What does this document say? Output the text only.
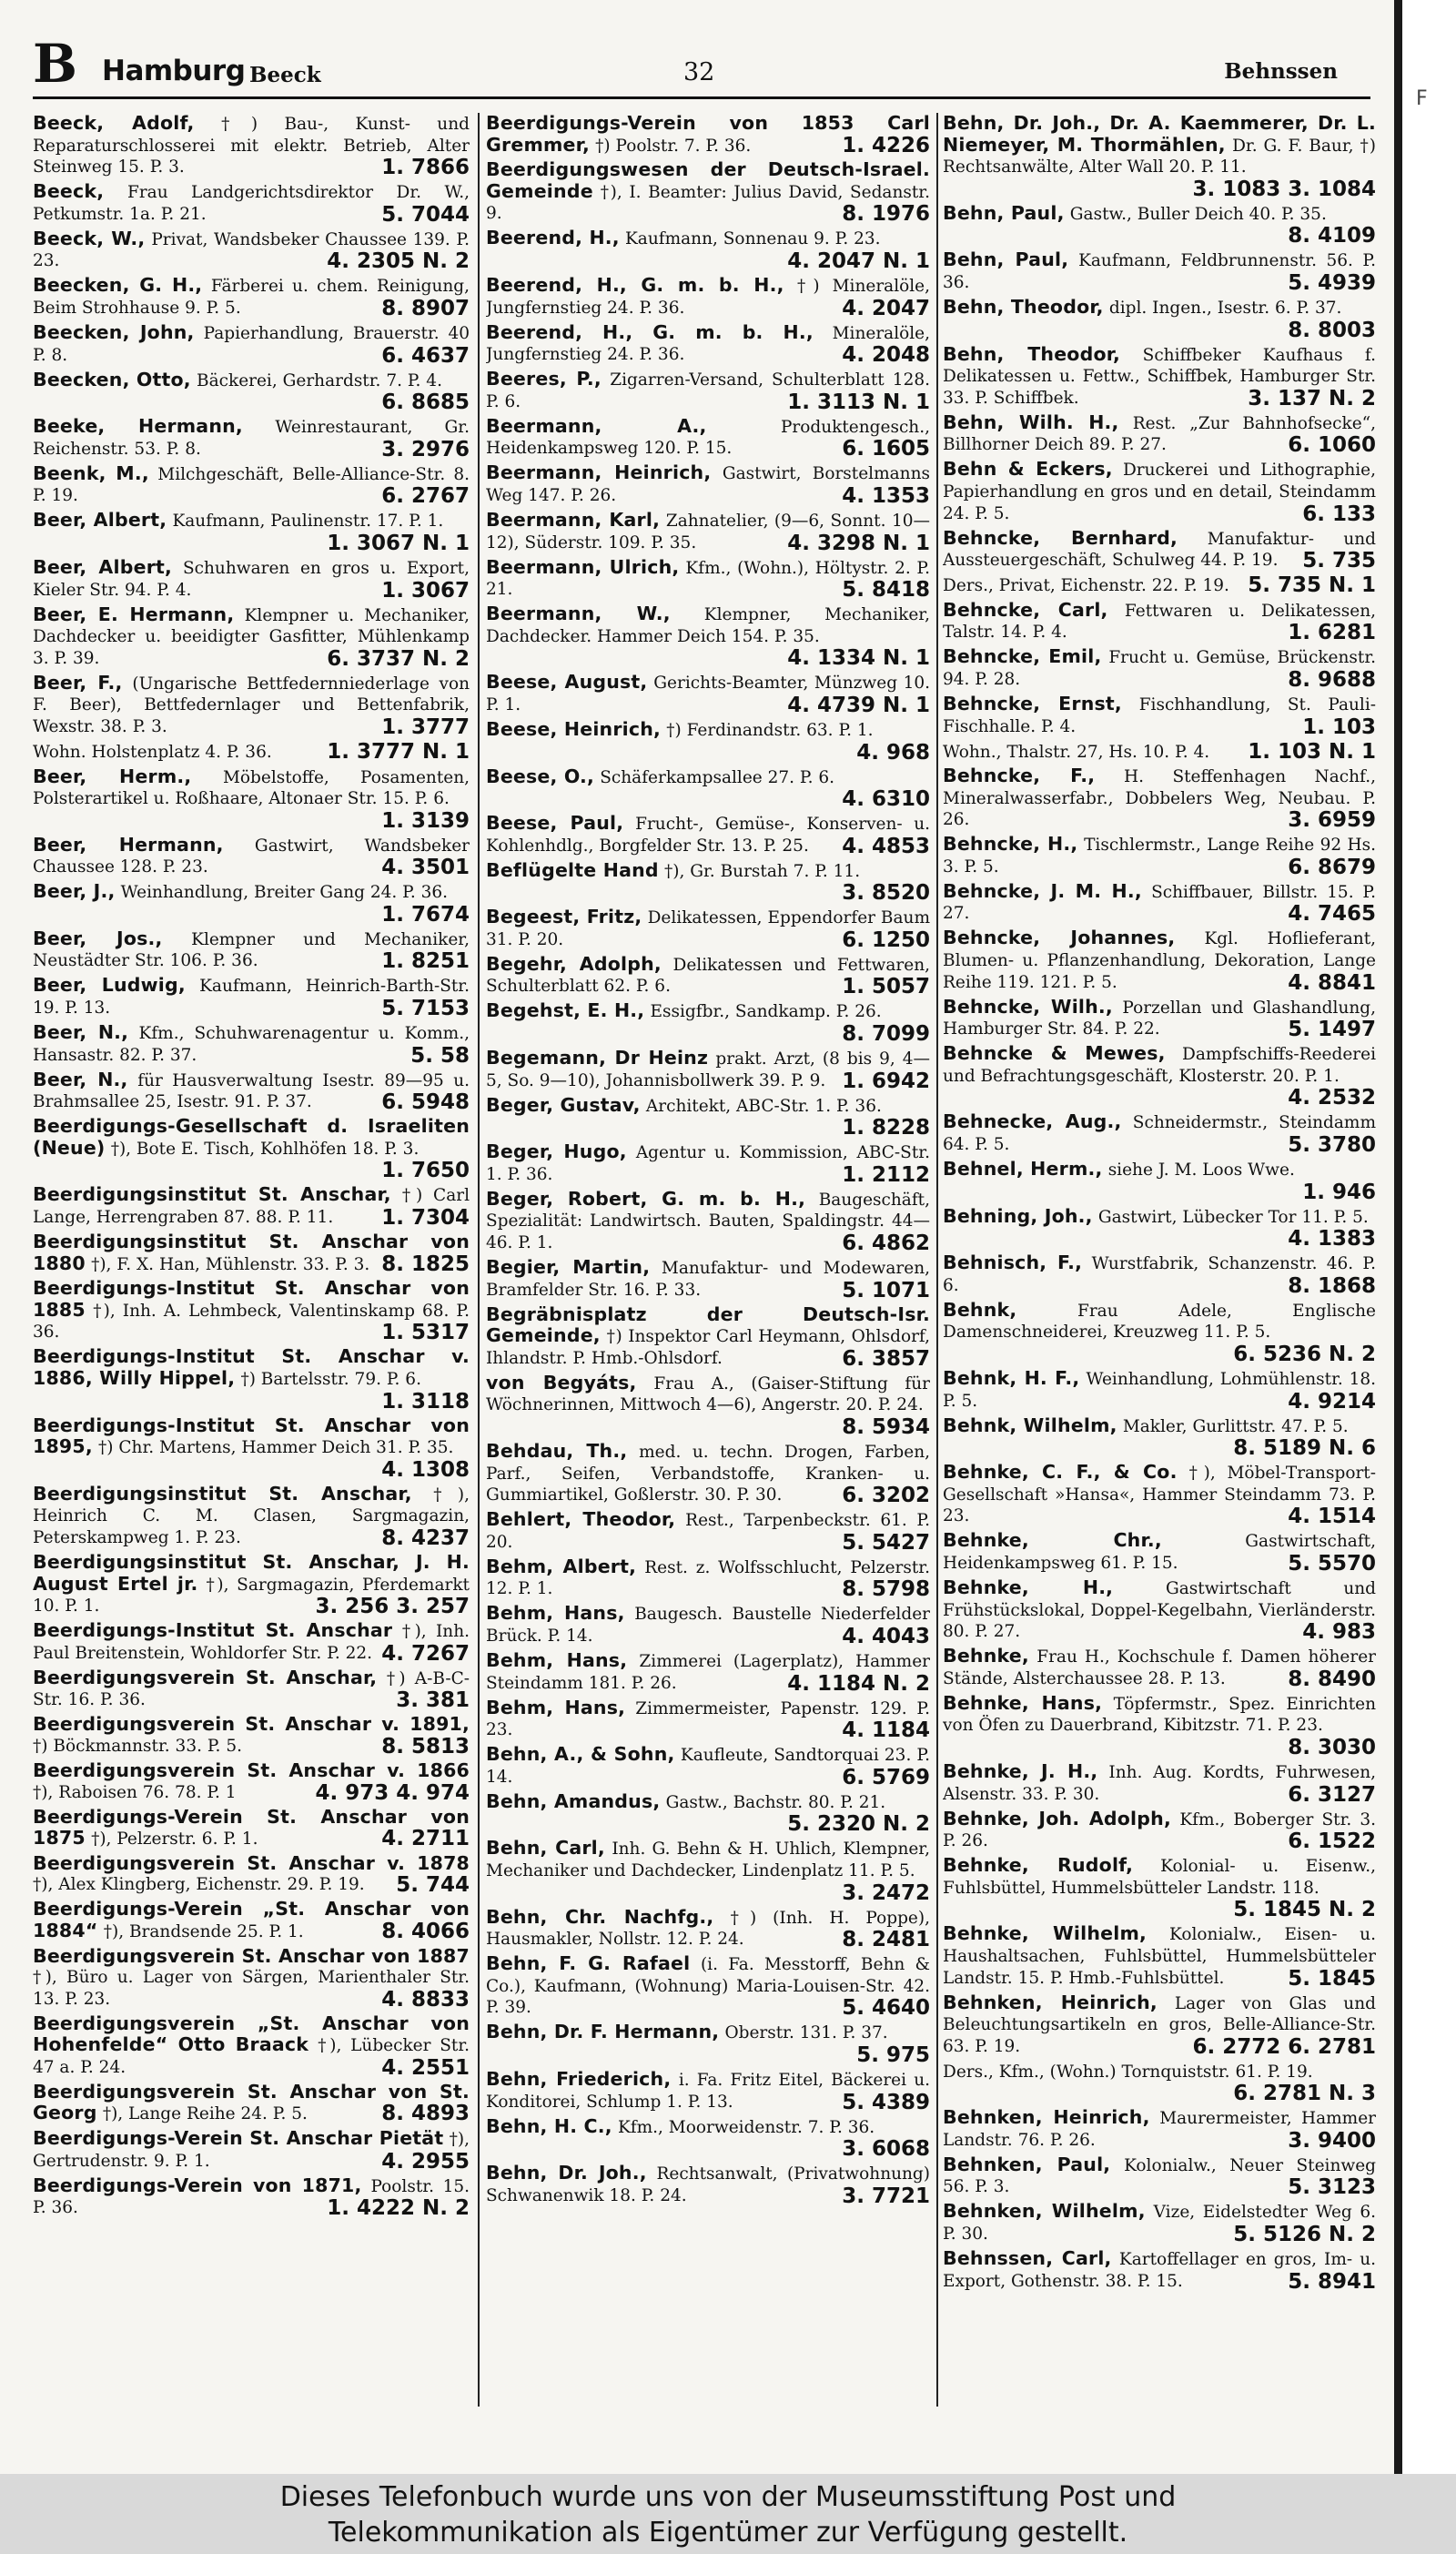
B Hamburg Beeck	32	Behnssen
Beeck, Adolf, †) Bau-, Kunst- und Reparaturschlosserei mit elektr. Betrieb, Alter Steinweg 15. P. 3.	1. 7866
Beeck, Frau Landgerichtsdirektor Dr. W., Petkumstr. 1a. P. 21.	5. 7044
Beeck, W., Privat, Wandsbeker Chaussee 139. P. 23.	4. 2305 N. 2
Beecken, G. H., Färberei u. chem. Reinigung, Beim Strohhause 9. P. 5.	8. 8907
Beecken, John, Papierhandlung, Brauerstr. 40 P. 8.	6. 4637
Beecken, Otto, Bäckerei, Gerhardstr. 7. P. 4.
6. 8685
Beeke, Hermann, Weinrestaurant, Gr. Reichenstr. 53. P. 8.	3. 2976
Beenk, M., Milchgeschäft, Belle-Alliance-Str. 8. P. 19.	6. 2767
Beer, Albert, Kaufmann, Paulinenstr. 17. P. 1.
1. 3067 N. 1
Beer, Albert, Schuhwaren en gros u. Export, Kieler Str. 94. P. 4.	1. 3067
Beer, E. Hermann, Klempner u. Mechaniker, Dachdecker u. beeidigter Gasfitter, Mühlenkamp 3. P. 39.	6. 3737 N. 2
Beer, F., (Ungarische Bettfedernniederlage von F. Beer), Bettfedernlager und Bettenfabrik, Wexstr. 38. P. 3.	1. 3777
Wohn. Holstenplatz 4. P. 36.	1. 3777 N. 1
Beer, Herm., Möbelstoffe, Posamenten, Polsterartikel u. Roßhaare, Altonaer Str. 15. P. 6.
1. 3139
Beer, Hermann, Gastwirt, Wandsbeker Chaussee 128. P. 23.	4. 3501
Beer, J., Weinhandlung, Breiter Gang 24. P. 36.
1. 7674
Beer, Jos., Klempner und Mechaniker, Neustädter Str. 106. P. 36.	1. 8251
Beer, Ludwig, Kaufmann, Heinrich-Barth-Str. 19. P. 13.	5. 7153
Beer, N., Kfm., Schuhwarenagentur u. Komm., Hansastr. 82. P. 37.	5. 58
Beer, N., für Hausverwaltung Isestr. 89—95 u. Brahmsallee 25, Isestr. 91. P. 37.	6. 5948
Beerdigungs-Gesellschaft d. Israeliten (Neue) †), Bote E. Tisch, Kohlhöfen 18. P. 3.
1. 7650
Beerdigungsinstitut St. Anschar, †) Carl Lange, Herrengraben 87. 88. P. 11. 1. 7304
Beerdigungsinstitut St. Anschar von 1880 †), F. X. Han, Mühlenstr. 33. P. 3. 8. 1825
Beerdigungs-Institut St. Anschar von 1885 †), Inh. A. Lehmbeck, Valentinskamp 68. P. 36.	1. 5317
Beerdigungs-Institut St. Anschar v. 1886, Willy Hippel, †) Bartelsstr. 79. P. 6.
1. 3118
Beerdigungs-Institut St. Anschar von 1895, †) Chr. Martens, Hammer Deich 31. P. 35.
4. 1308
Beerdigungsinstitut St. Anschar, †), Heinrich C. M. Clasen, Sargmagazin, Peterskampweg 1. P. 23.	8. 4237
Beerdigungsinstitut St. Anschar, J. H. August Ertel jr. †), Sargmagazin, Pferdemarkt 10. P. 1.	3. 256 3. 257
Beerdigungs-Institut St. Anschar †), Inh. Paul Breitenstein, Wohldorfer Str. P. 22. 4. 7267
Beerdigungsverein St. Anschar, †) A-B-C-Str. 16. P. 36.	3. 381
Beerdigungsverein St. Anschar v. 1891, †) Böckmannstr. 33. P. 5.	8. 5813
Beerdigungsverein St. Anschar v. 1866 †), Raboisen 76. 78. P. 1	4. 973 4. 974
Beerdigungs-Verein St. Anschar von 1875 †), Pelzerstr. 6. P. 1.	4. 2711
Beerdigungsverein St. Anschar v. 1878 †), Alex Klingberg, Eichenstr. 29. P. 19. 5. 744
Beerdigungs-Verein „St. Anschar von 1884“ †), Brandsende 25. P. 1.	8. 4066
Beerdigungsverein St. Anschar von 1887 †), Büro u. Lager von Särgen, Marienthaler Str. 13. P. 23.	4. 8833
Beerdigungsverein „St. Anschar von Hohenfelde“ Otto Braack †), Lübecker Str. 47 a. P. 24.	4. 2551
Beerdigungsverein St. Anschar von St. Georg †), Lange Reihe 24. P. 5.	8. 4893
Beerdigungs-Verein St. Anschar Pietät †), Gertrudenstr. 9. P. 1.	4. 2955
Beerdigungs-Verein von 1871, Poolstr. 15. P. 36.	1. 4222 N. 2
Beerdigungs-Verein von 1853 Carl Gremmer, †) Poolstr. 7. P. 36.	1. 4226
Beerdigungswesen der Deutsch-Israel. Gemeinde †), I. Beamter: Julius David, Sedanstr. 9.	8. 1976
Beerend, H., Kaufmann, Sonnenau 9. P. 23.
4. 2047 N. 1
Beerend, H., G. m. b. H., †) Mineralöle, Jungfernstieg 24. P. 36.	4. 2047
Beerend, H., G. m. b. H., Mineralöle, Jungfernstieg 24. P. 36.	4. 2048
Beeres, P., Zigarren-Versand, Schulterblatt 128. P. 6.	1. 3113 N. 1
Beermann, A.,	Produktengesch., Heidenkampsweg 120. P. 15.	6. 1605
Beermann, Heinrich, Gastwirt, Borstelmanns Weg 147. P. 26.	4. 1353
Beermann, Karl, Zahnatelier, (9—6, Sonnt. 10—12), Süderstr. 109. P. 35.	4. 3298 N. 1
Beermann, Ulrich, Kfm., (Wohn.), Höltystr. 2. P. 21.	5. 8418
Beermann, W., Klempner, Mechaniker, Dachdecker. Hammer Deich 154. P. 35.
4. 1334 N. 1
Beese, August, Gerichts-Beamter, Münzweg 10. P. 1.	4. 4739 N. 1
Beese, Heinrich, †) Ferdinandstr. 63. P. 1.
4. 968
Beese, O., Schäferkampsallee 27. P. 6.
4. 6310
Beese, Paul, Frucht-, Gemüse-, Konserven- u. Kohlenhdlg., Borgfelder Str. 13. P. 25. 4. 4853
Beflügelte Hand †), Gr. Burstah 7. P. 11.
3. 8520
Begeest, Fritz, Delikatessen, Eppendorfer Baum 31. P. 20.	6. 1250
Begehr, Adolph, Delikatessen und Fettwaren, Schulterblatt 62. P. 6.	1. 5057
Begehst, E. H., Essigfbr., Sandkamp. P. 26.
8. 7099
Begemann, Dr Heinz prakt. Arzt, (8 bis 9, 4—5, So. 9—10), Johannisbollwerk 39. P. 9. 1. 6942
Beger, Gustav, Architekt, ABC-Str. 1. P. 36.
1. 8228
Beger, Hugo, Agentur u. Kommission, ABC-Str. 1. P. 36.	1. 2112
Beger, Robert, G. m. b. H., Baugeschäft, Spezialität: Landwirtsch. Bauten, Spaldingstr. 44—46. P. 1.	6. 4862
Begier, Martin, Manufaktur- und Modewaren, Bramfelder Str. 16. P. 33.	5. 1071
Begräbnisplatz der Deutsch-Isr. Gemeinde, †) Inspektor Carl Heymann, Ohlsdorf, Ihlandstr. P. Hmb.-Ohlsdorf.	6. 3857
von Begyáts, Frau A., (Gaiser-Stiftung für Wöchnerinnen, Mittwoch 4—6), Angerstr. 20. P. 24.
8. 5934
Behdau, Th., med. u. techn. Drogen, Farben, Parf., Seifen, Verbandstoffe, Kranken- u. Gummiartikel, Goßlerstr. 30. P. 30.	6. 3202
Behlert, Theodor, Rest., Tarpenbeckstr. 61. P. 20.	5. 5427
Behm, Albert, Rest. z. Wolfsschlucht, Pelzerstr. 12. P. 1.	8. 5798
Behm, Hans, Baugesch. Baustelle Niederfelder Brück. P. 14.	4. 4043
Behm, Hans, Zimmerei (Lagerplatz), Hammer Steindamm 181. P. 26.	4. 1184 N. 2
Behm, Hans, Zimmermeister, Papenstr. 129. P. 23.	4. 1184
Behn, A., & Sohn, Kaufleute, Sandtorquai 23. P. 14.	6. 5769
Behn, Amandus, Gastw., Bachstr. 80. P. 21.
5. 2320 N. 2
Behn, Carl, Inh. G. Behn & H. Uhlich, Klempner, Mechaniker und Dachdecker, Lindenplatz 11. P. 5.
3. 2472
Behn, Chr. Nachfg., †) (Inh. H. Poppe), Hausmakler, Nollstr. 12. P. 24.	8. 2481
Behn, F. G. Rafael (i. Fa. Messtorff, Behn & Co.), Kaufmann, (Wohnung) Maria-Louisen-Str. 42. P. 39.	5. 4640
Behn, Dr. F. Hermann, Oberstr. 131. P. 37.
5. 975
Behn, Friederich, i. Fa. Fritz Eitel, Bäckerei u. Konditorei, Schlump 1. P. 13.	5. 4389
Behn, H. C., Kfm., Moorweidenstr. 7. P. 36.
3. 6068
Behn, Dr. Joh., Rechtsanwalt, (Privatwohnung) Schwanenwik 18. P. 24.	3. 7721
Behn, Dr. Joh., Dr. A. Kaemmerer, Dr. L. Niemeyer, M. Thormählen, Dr. G. F. Baur, †) Rechtsanwälte, Alter Wall 20. P. 11.
3. 1083 3. 1084
Behn, Paul, Gastw., Buller Deich 40. P. 35.
8. 4109
Behn, Paul, Kaufmann, Feldbrunnenstr. 56. P. 36.	5. 4939
Behn, Theodor, dipl. Ingen., Isestr. 6. P. 37.
8. 8003
Behn, Theodor, Schiffbeker Kaufhaus f. Delikatessen u. Fettw., Schiffbek, Hamburger Str. 33. P. Schiffbek.	3. 137 N. 2
Behn, Wilh. H., Rest. „Zur Bahnhofsecke“, Billhorner Deich 89. P. 27.	6. 1060
Behn & Eckers, Druckerei und Lithographie, Papierhandlung en gros und en detail, Steindamm 24. P. 5.	6. 133
Behncke, Bernhard, Manufaktur- und Aussteuergeschäft, Schulweg 44. P. 19. 5. 735
Ders., Privat, Eichenstr. 22. P. 19. 5. 735 N. 1
Behncke, Carl, Fettwaren u. Delikatessen, Talstr. 14. P. 4.	1. 6281
Behncke, Emil, Frucht u. Gemüse, Brückenstr. 94. P. 28.	8. 9688
Behncke, Ernst, Fischhandlung, St. Pauli-Fischhalle. P. 4.	1. 103
Wohn., Thalstr. 27, Hs. 10. P. 4. 1. 103 N. 1
Behncke, F., H. Steffenhagen Nachf., Mineralwasserfabr., Dobbelers Weg, Neubau. P. 26.	3. 6959
Behncke, H., Tischlermstr., Lange Reihe 92 Hs. 3. P. 5.	6. 8679
Behncke, J. M. H., Schiffbauer, Billstr. 15. P. 27.	4. 7465
Behncke, Johannes, Kgl. Hoflieferant, Blumen- u. Pflanzenhandlung, Dekoration, Lange Reihe 119. 121. P. 5.	4. 8841
Behncke, Wilh., Porzellan und Glashandlung, Hamburger Str. 84. P. 22.	5. 1497
Behncke & Mewes, Dampfschiffs-Reederei und Befrachtungsgeschäft, Klosterstr. 20. P. 1.
4. 2532
Behnecke, Aug., Schneidermstr., Steindamm 64. P. 5.	5. 3780
Behnel, Herm., siehe J. M. Loos Wwe.
1. 946
Behning, Joh., Gastwirt, Lübecker Tor 11. P. 5.
4. 1383
Behnisch, F., Wurstfabrik, Schanzenstr. 46. P. 6.	8. 1868
Behnk,	Frau Adele, Englische Damenschneiderei, Kreuzweg 11. P. 5.
6. 5236 N. 2
Behnk, H. F., Weinhandlung, Lohmühlenstr. 18. P. 5.	4. 9214
Behnk, Wilhelm, Makler, Gurlittstr. 47. P. 5.
8. 5189 N. 6
Behnke, C. F., & Co. †), Möbel-Transport-Gesellschaft »Hansa«, Hammer Steindamm 73. P. 23.	4. 1514
Behnke, Chr.,	Gastwirtschaft, Heidenkampsweg 61. P. 15.	5. 5570
Behnke, H.,	Gastwirtschaft und Frühstückslokal, Doppel-Kegelbahn, Vierländerstr. 80. P. 27.	4. 983
Behnke, Frau H., Kochschule f. Damen höherer Stände, Alsterchaussee 28. P. 13.	8. 8490
Behnke, Hans, Töpfermstr., Spez. Einrichten von Öfen zu Dauerbrand, Kibitzstr. 71. P. 23.
8. 3030
Behnke, J. H., Inh. Aug. Kordts, Fuhrwesen, Alsenstr. 33. P. 30.	6. 3127
Behnke, Joh. Adolph, Kfm., Boberger Str. 3. P. 26.	6. 1522
Behnke, Rudolf, Kolonial- u. Eisenw., Fuhlsbüttel, Hummelsbütteler Landstr. 118.
5. 1845 N. 2
Behnke, Wilhelm, Kolonialw., Eisen- u. Haushaltsachen, Fuhlsbüttel, Hummelsbütteler Landstr. 15. P. Hmb.-Fuhlsbüttel.	5. 1845
Behnken, Heinrich, Lager von Glas und Beleuchtungsartikeln en gros, Belle-Alliance-Str. 63. P. 19.	6. 2772 6. 2781
Ders., Kfm., (Wohn.) Tornquiststr. 61. P. 19.
6. 2781 N. 3
Behnken, Heinrich, Maurermeister, Hammer Landstr. 76. P. 26.	3. 9400
Behnken, Paul, Kolonialw., Neuer Steinweg 56. P. 3.	5. 3123
Behnken, Wilhelm, Vize, Eidelstedter Weg 6. P. 30.	5. 5126 N. 2
Behnssen, Carl, Kartoffellager en gros, Im- u. Export, Gothenstr. 38. P. 15.	5. 8941
F
Dieses Telefonbuch wurde uns von der Museumsstiftung Post und
Telekommunikation als Eigentümer zur Verfügung gestellt.
